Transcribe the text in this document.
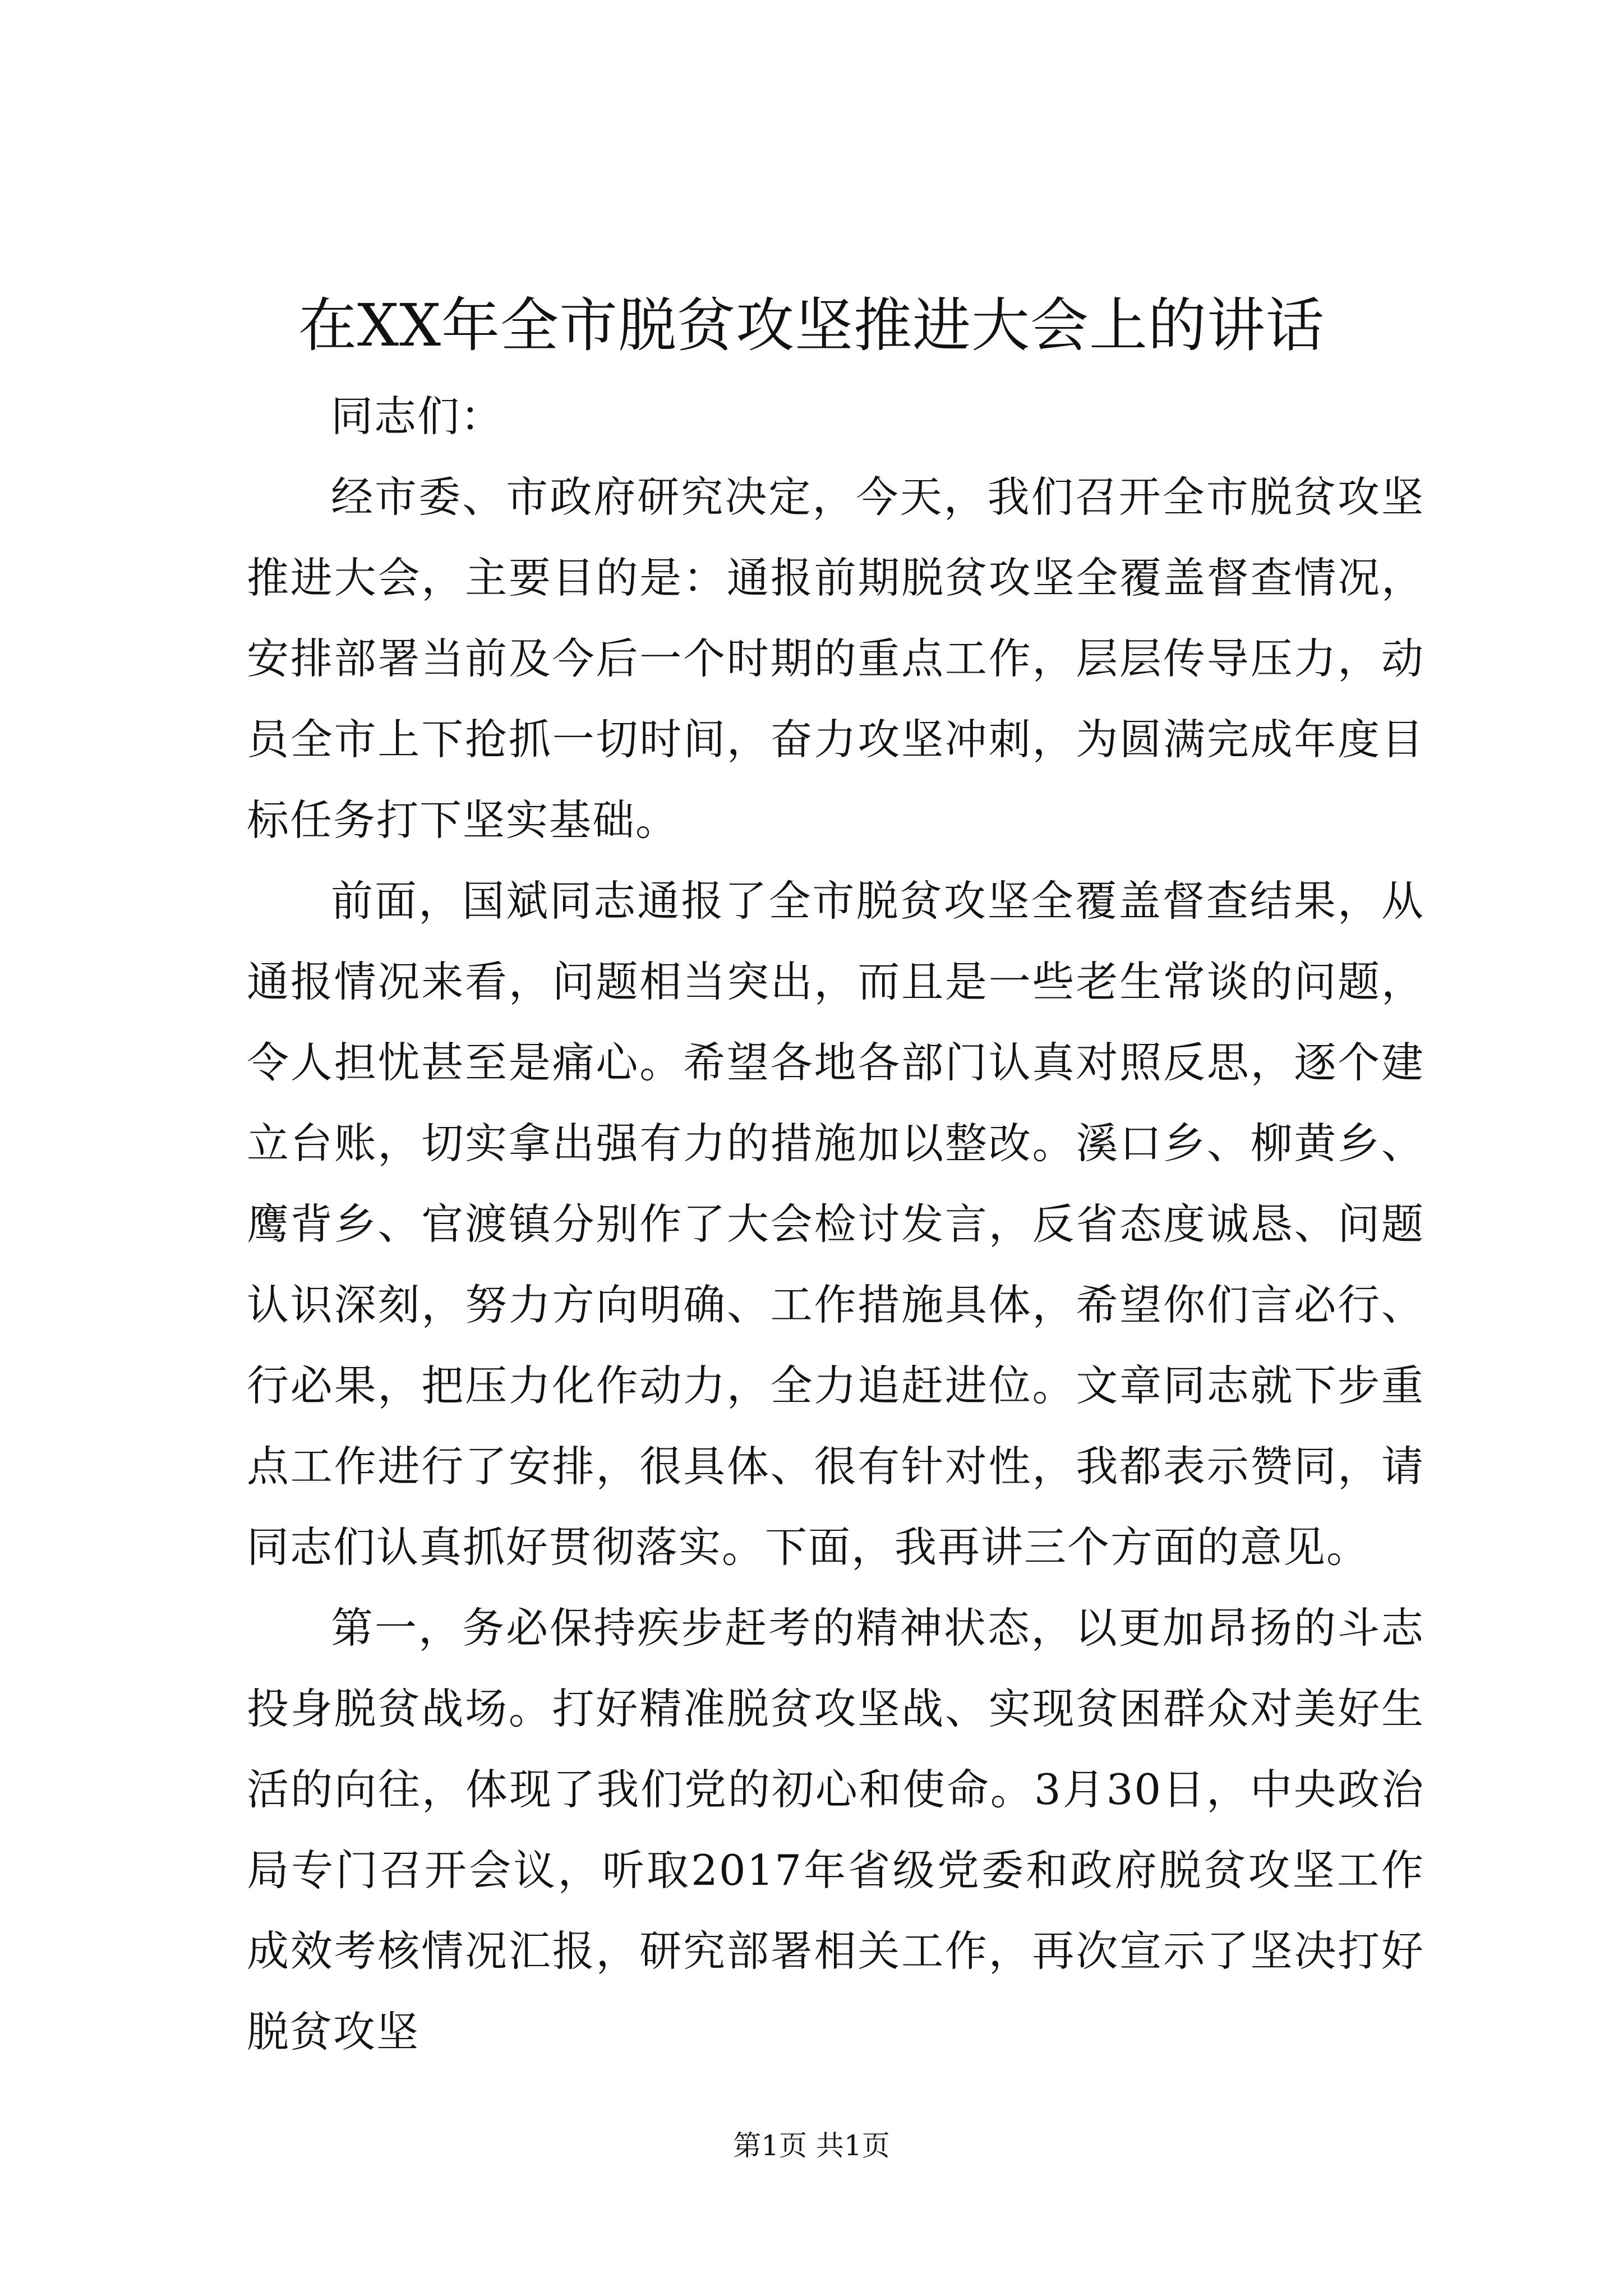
在XX年全市脱贫攻坚推进大会上的讲话

同志们：

经市委、市政府研究决定，今天，我们召开全市脱贫攻坚推进大会，主要目的是：通报前期脱贫攻坚全覆盖督查情况，安排部署当前及今后一个时期的重点工作，层层传导压力，动员全市上下抢抓一切时间，奋力攻坚冲刺，为圆满完成年度目标任务打下坚实基础。

前面，国斌同志通报了全市脱贫攻坚全覆盖督查结果，从通报情况来看，问题相当突出，而且是一些老生常谈的问题，令人担忧甚至是痛心。希望各地各部门认真对照反思，逐个建立台账，切实拿出强有力的措施加以整改。溪口乡、柳黄乡、鹰背乡、官渡镇分别作了大会检讨发言，反省态度诚恳、问题认识深刻，努力方向明确、工作措施具体，希望你们言必行、行必果，把压力化作动力，全力追赶进位。文章同志就下步重点工作进行了安排，很具体、很有针对性，我都表示赞同，请同志们认真抓好贯彻落实。下面，我再讲三个方面的意见。

第一，务必保持疾步赶考的精神状态，以更加昂扬的斗志投身脱贫战场。打好精准脱贫攻坚战、实现贫困群众对美好生活的向往，体现了我们党的初心和使命。3月30日，中央政治局专门召开会议，听取2017年省级党委和政府脱贫攻坚工作成效考核情况汇报，研究部署相关工作，再次宣示了坚决打好脱贫攻坚

第1页 共1页
